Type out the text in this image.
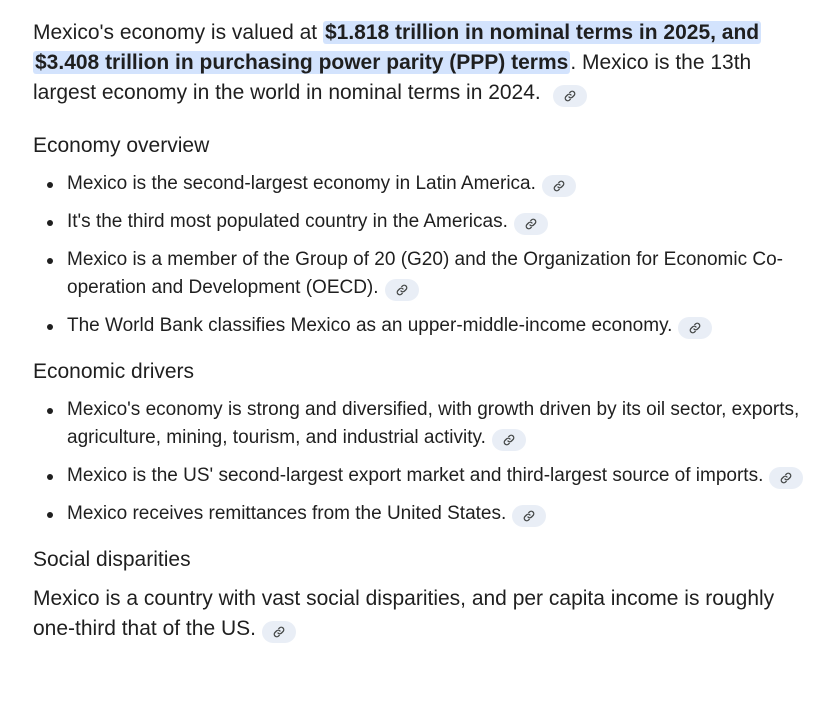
Mexico's economy is valued at $1.818 trillion in nominal terms in 2025, and $3.408 trillion in purchasing power parity (PPP) terms. Mexico is the 13th largest economy in the world in nominal terms in 2024.

Economy overview
Mexico is the second-largest economy in Latin America.
It's the third most populated country in the Americas.
Mexico is a member of the Group of 20 (G20) and the Organization for Economic Co-operation and Development (OECD).
The World Bank classifies Mexico as an upper-middle-income economy.
Economic drivers
Mexico's economy is strong and diversified, with growth driven by its oil sector, exports, agriculture, mining, tourism, and industrial activity.
Mexico is the US' second-largest export market and third-largest source of imports.
Mexico receives remittances from the United States.
Social disparities

Mexico is a country with vast social disparities, and per capita income is roughly one-third that of the US.
